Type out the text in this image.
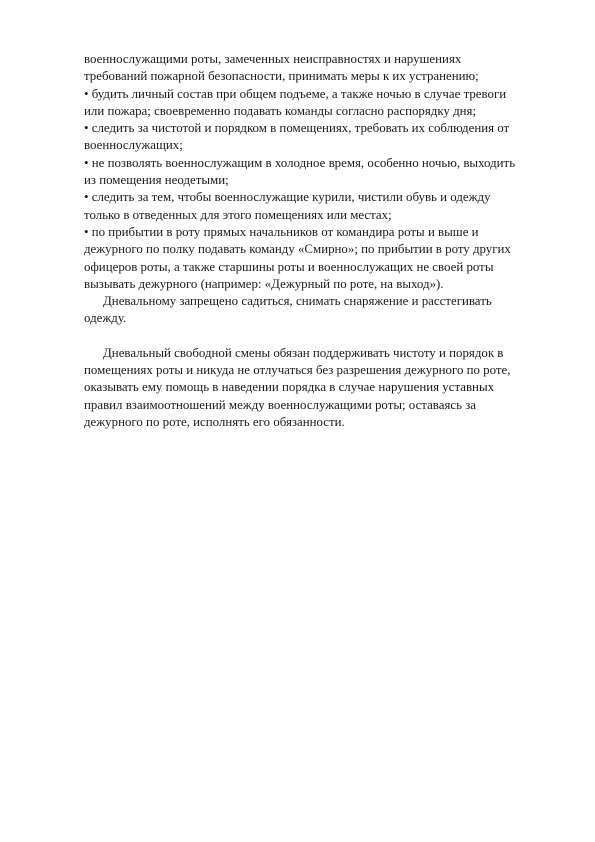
военнослужащими роты, замеченных неисправностях и нарушениях
требований пожарной безопасности, принимать меры к их устранению;
• будить личный состав при общем подъеме, а также ночью в случае тревоги
или пожара; своевременно подавать команды согласно распорядку дня;
• следить за чистотой и порядком в помещениях, требовать их соблюдения от
военнослужащих;
• не позволять военнослужащим в холодное время, особенно ночью, выходить
из помещения неодетыми;
• следить за тем, чтобы военнослужащие курили, чистили обувь и одежду
только в отведенных для этого помещениях или местах;
• по прибытии в роту прямых начальников от командира роты и выше и
дежурного по полку подавать команду «Смирно»; по прибытии в роту других
офицеров роты, а также старшины роты и военнослужащих не своей роты
вызывать дежурного (например: «Дежурный по роте, на выход»).
Дневальному запрещено садиться, снимать снаряжение и расстегивать
одежду.
Дневальный свободной смены обязан поддерживать чистоту и порядок в
помещениях роты и никуда не отлучаться без разрешения дежурного по роте,
оказывать ему помощь в наведении порядка в случае нарушения уставных
правил взаимоотношений между военнослужащими роты; оставаясь за
дежурного по роте, исполнять его обязанности.
